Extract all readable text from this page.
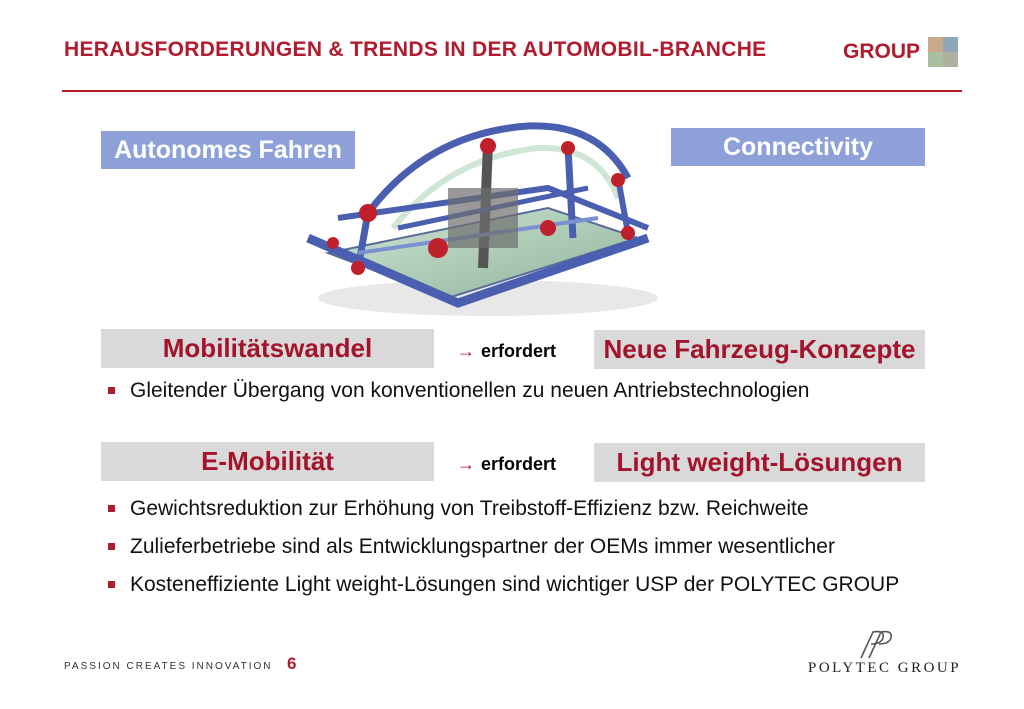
HERAUSFORDERUNGEN & TRENDS IN DER AUTOMOBIL-BRANCHE	GROUP
Autonomes Fahren	Connectivity
Mobilitätswandel	→ erfordert	Neue Fahrzeug-Konzepte
Gleitender Übergang von konventionellen zu neuen Antriebstechnologien
E-Mobilität	→ erfordert	Light weight-Lösungen
Gewichtsreduktion zur Erhöhung von Treibstoff-Effizienz bzw. Reichweite
Zulieferbetriebe sind als Entwicklungspartner der OEMs immer wesentlicher
Kosteneffiziente Light weight-Lösungen sind wichtiger USP der POLYTEC GROUP
PASSION CREATES INNOVATION 6	POLYTEC GROUP
